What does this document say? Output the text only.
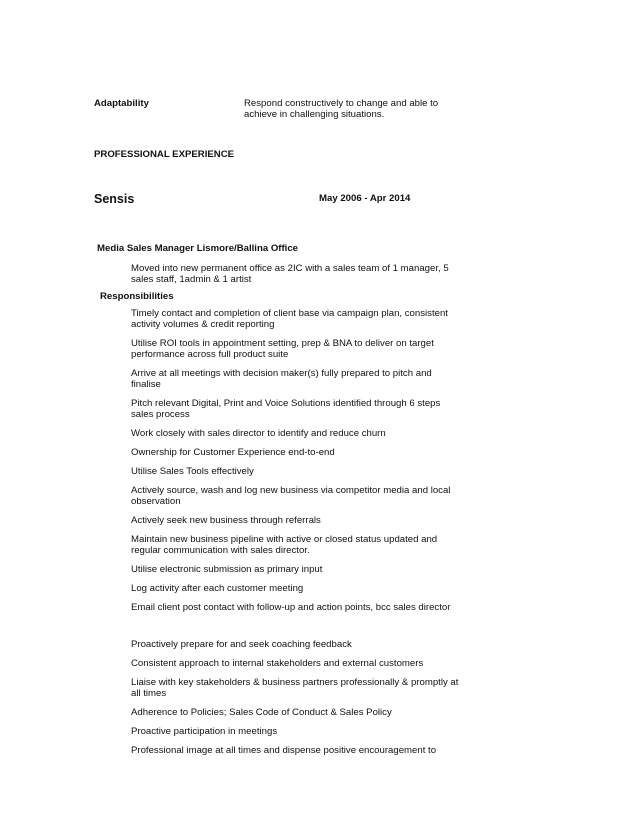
Adaptability	Respond constructively to change and able to achieve in challenging situations.
PROFESSIONAL EXPERIENCE
Sensis	May 2006 - Apr 2014
Media Sales Manager Lismore/Ballina Office
Moved into new permanent office as 2IC with a sales team of 1 manager, 5 sales staff, 1admin & 1 artist
Responsibilities
Timely contact and completion of client base via campaign plan, consistent activity volumes & credit reporting
Utilise ROI tools in appointment setting, prep & BNA to deliver on target performance across full product suite
Arrive at all meetings with decision maker(s) fully prepared to pitch and finalise
Pitch relevant Digital, Print and Voice Solutions identified through 6 steps sales process
Work closely with sales director to identify and reduce churn
Ownership for Customer Experience end-to-end
Utilise Sales Tools effectively
Actively source, wash and log new business via competitor media and local observation
Actively seek new business through referrals
Maintain new business pipeline with active or closed status updated and regular communication with sales director.
Utilise electronic submission as primary input
Log activity after each customer meeting
Email client post contact with follow-up and action points, bcc sales director
Proactively prepare for and seek coaching feedback
Consistent approach to internal stakeholders and external customers
Liaise with key stakeholders & business partners professionally & promptly at all times
Adherence to Policies; Sales Code of Conduct & Sales Policy
Proactive participation in meetings
Professional image at all times and dispense positive encouragement to
